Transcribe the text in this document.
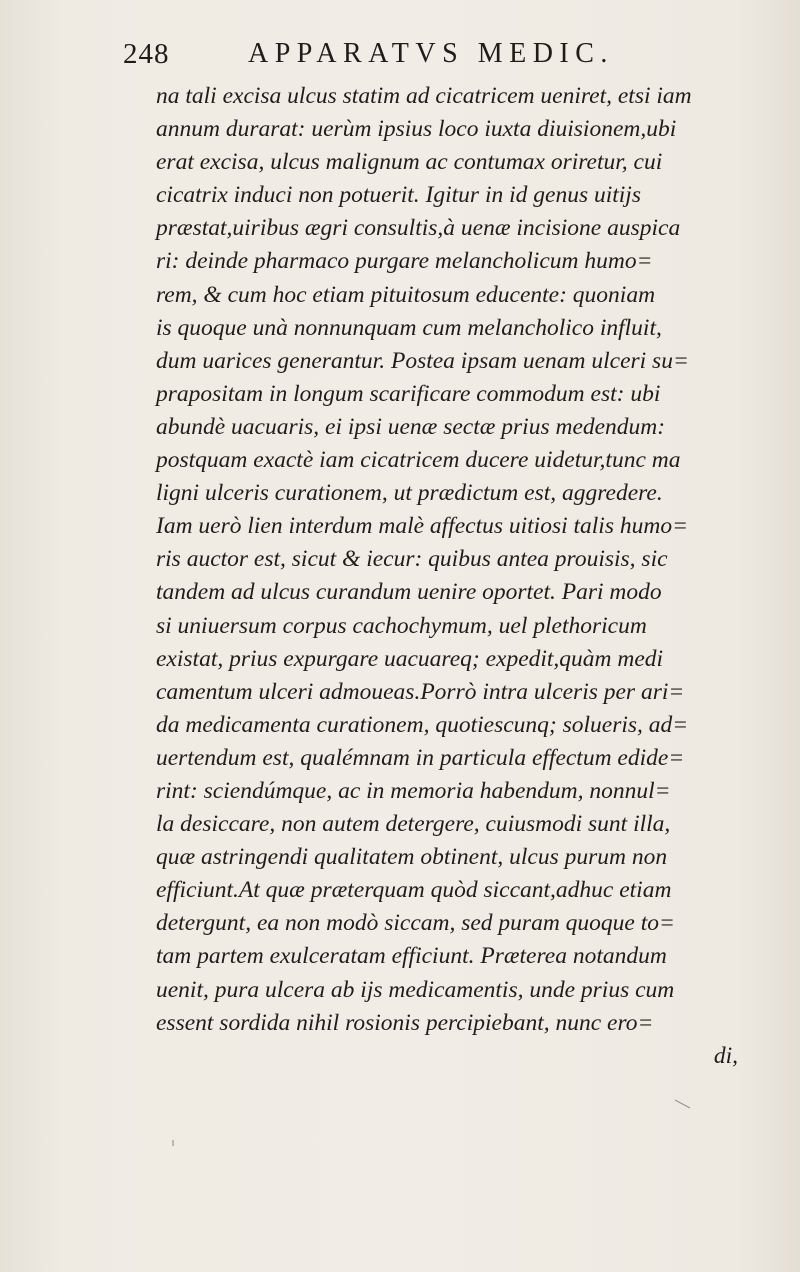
248	APPARATVS MEDIC.
na tali excisa ulcus statim ad cicatricem ueniret, etsi iam
annum durarat: uerùm ipsius loco iuxta diuisionem,ubi
erat excisa, ulcus malignum ac contumax oriretur, cui
cicatrix induci non potuerit. Igitur in id genus uitijs
præstat,uiribus ægri consultis,à uenæ incisione auspica
ri: deinde pharmaco purgare melancholicum humo=
rem, & cum hoc etiam pituitosum educente: quoniam
is quoque unà nonnunquam cum melancholico influit,
dum uarices generantur. Postea ipsam uenam ulceri su=
prapositam in longum scarificare commodum est: ubi
abundè uacuaris, ei ipsi uenæ sectæ prius medendum:
postquam exactè iam cicatricem ducere uidetur,tunc ma
ligni ulceris curationem, ut prædictum est, aggredere.
Iam uerò lien interdum malè affectus uitiosi talis humo=
ris auctor est, sicut & iecur: quibus antea prouisis, sic
tandem ad ulcus curandum uenire oportet. Pari modo
si uniuersum corpus cachochymum, uel plethoricum
existat, prius expurgare uacuareq; expedit,quàm medi
camentum ulceri admoueas.Porrò intra ulceris per ari=
da medicamenta curationem, quotiescunq; solueris, ad=
uertendum est, qualémnam in particula effectum edide=
rint: sciendúmque, ac in memoria habendum, nonnul=
la desiccare, non autem detergere, cuiusmodi sunt illa,
quæ astringendi qualitatem obtinent, ulcus purum non
efficiunt.At quæ præterquam quòd siccant,adhuc etiam
detergunt, ea non modò siccam, sed puram quoque to=
tam partem exulceratam efficiunt. Præterea notandum
uenit, pura ulcera ab ijs medicamentis, unde prius cum
essent sordida nihil rosionis percipiebant, nunc ero=
di,
